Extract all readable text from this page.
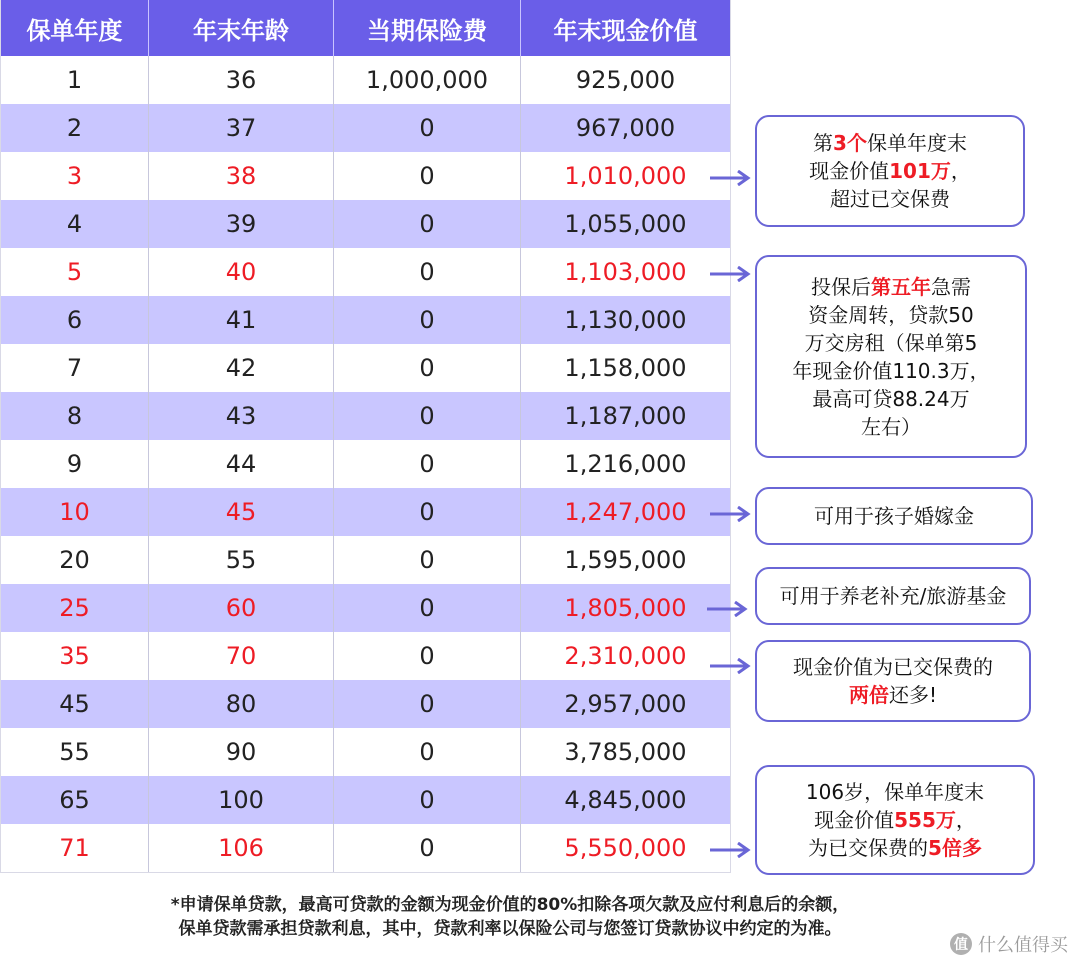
保单年度	年末年龄	当期保险费	年末现金价值
1	36	1,000,000	925,000
2	37	0	967,000
3	38	0	1,010,000
4	39	0	1,055,000
5	40	0	1,103,000
6	41	0	1,130,000
7	42	0	1,158,000
8	43	0	1,187,000
9	44	0	1,216,000
10	45	0	1,247,000
20	55	0	1,595,000
25	60	0	1,805,000
35	70	0	2,310,000
45	80	0	2,957,000
55	90	0	3,785,000
65	100	0	4,845,000
71	106	0	5,550,000
第3个保单年度末
现金价值101万，
超过已交保费
投保后第五年急需
资金周转，贷款50
万交房租（保单第5
年现金价值110.3万，
最高可贷88.24万
左右）
可用于孩子婚嫁金
可用于养老补充/旅游基金
现金价值为已交保费的
两倍还多!
106岁，保单年度末
现金价值555万，
为已交保费的5倍多
*申请保单贷款，最高可贷款的金额为现金价值的80%扣除各项欠款及应付利息后的余额，
保单贷款需承担贷款利息，其中，贷款利率以保险公司与您签订贷款协议中约定的为准。
值 什么值得买
